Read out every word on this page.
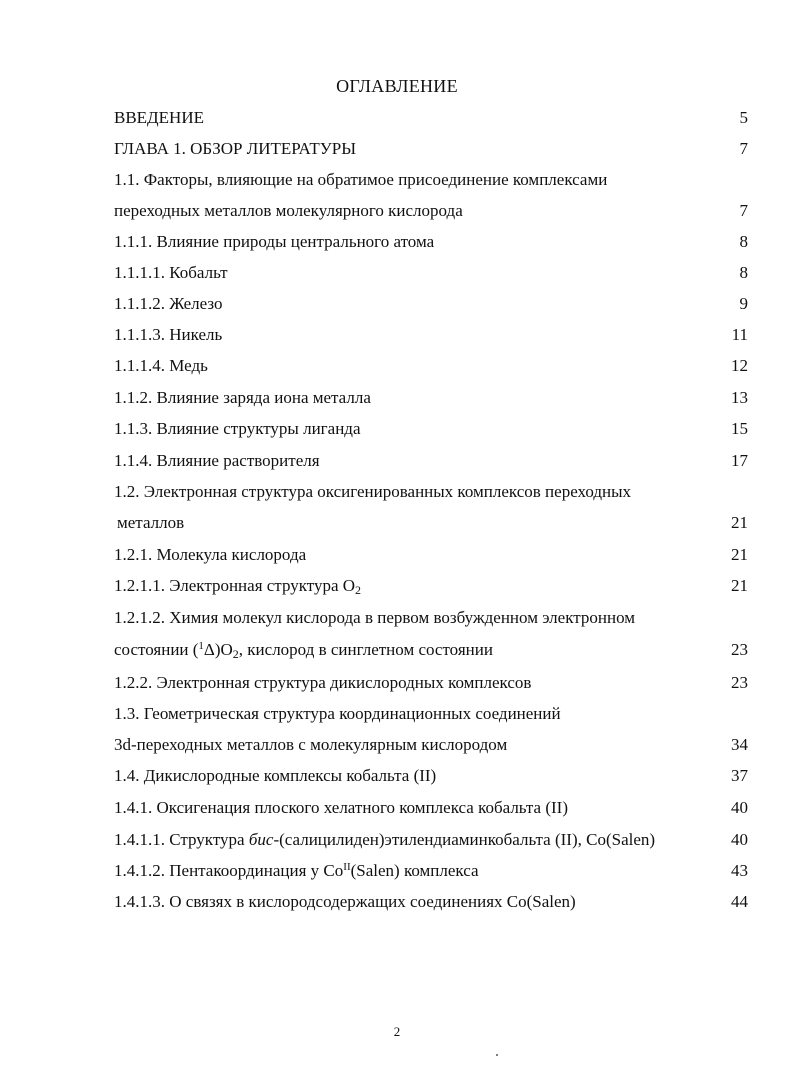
ОГЛАВЛЕНИЕ
ВВЕДЕНИЕ	5
ГЛАВА 1. ОБЗОР ЛИТЕРАТУРЫ	7
1.1. Факторы, влияющие на обратимое присоединение комплексами
переходных металлов молекулярного кислорода	7
1.1.1. Влияние природы центрального атома	8
1.1.1.1. Кобальт	8
1.1.1.2. Железо	9
1.1.1.3. Никель	11
1.1.1.4. Медь	12
1.1.2. Влияние заряда иона металла	13
1.1.3. Влияние структуры лиганда	15
1.1.4. Влияние растворителя	17
1.2. Электронная структура оксигенированных комплексов переходных
металлов	21
1.2.1. Молекула кислорода	21
1.2.1.1. Электронная структура $O_2$	21
1.2.1.2. Химия молекул кислорода в первом возбужденном электронном
состоянии $(^1\Delta)O_2$, кислород в синглетном состоянии	23
1.2.2. Электронная структура дикислородных комплексов	23
1.3. Геометрическая структура координационных соединений
3d-переходных металлов с молекулярным кислородом	34
1.4. Дикислородные комплексы кобальта (II)	37
1.4.1. Оксигенация плоского хелатного комплекса кобальта (II)	40
1.4.1.1. Структура бис-(салицилиден)этилендиаминкобальта (II), Co(Salen)	40
1.4.1.2. Пентакоординация у $Co^{II}(Salen)$ комплекса	43
1.4.1.3. О связях в кислородсодержащих соединениях Co(Salen)	44
2
